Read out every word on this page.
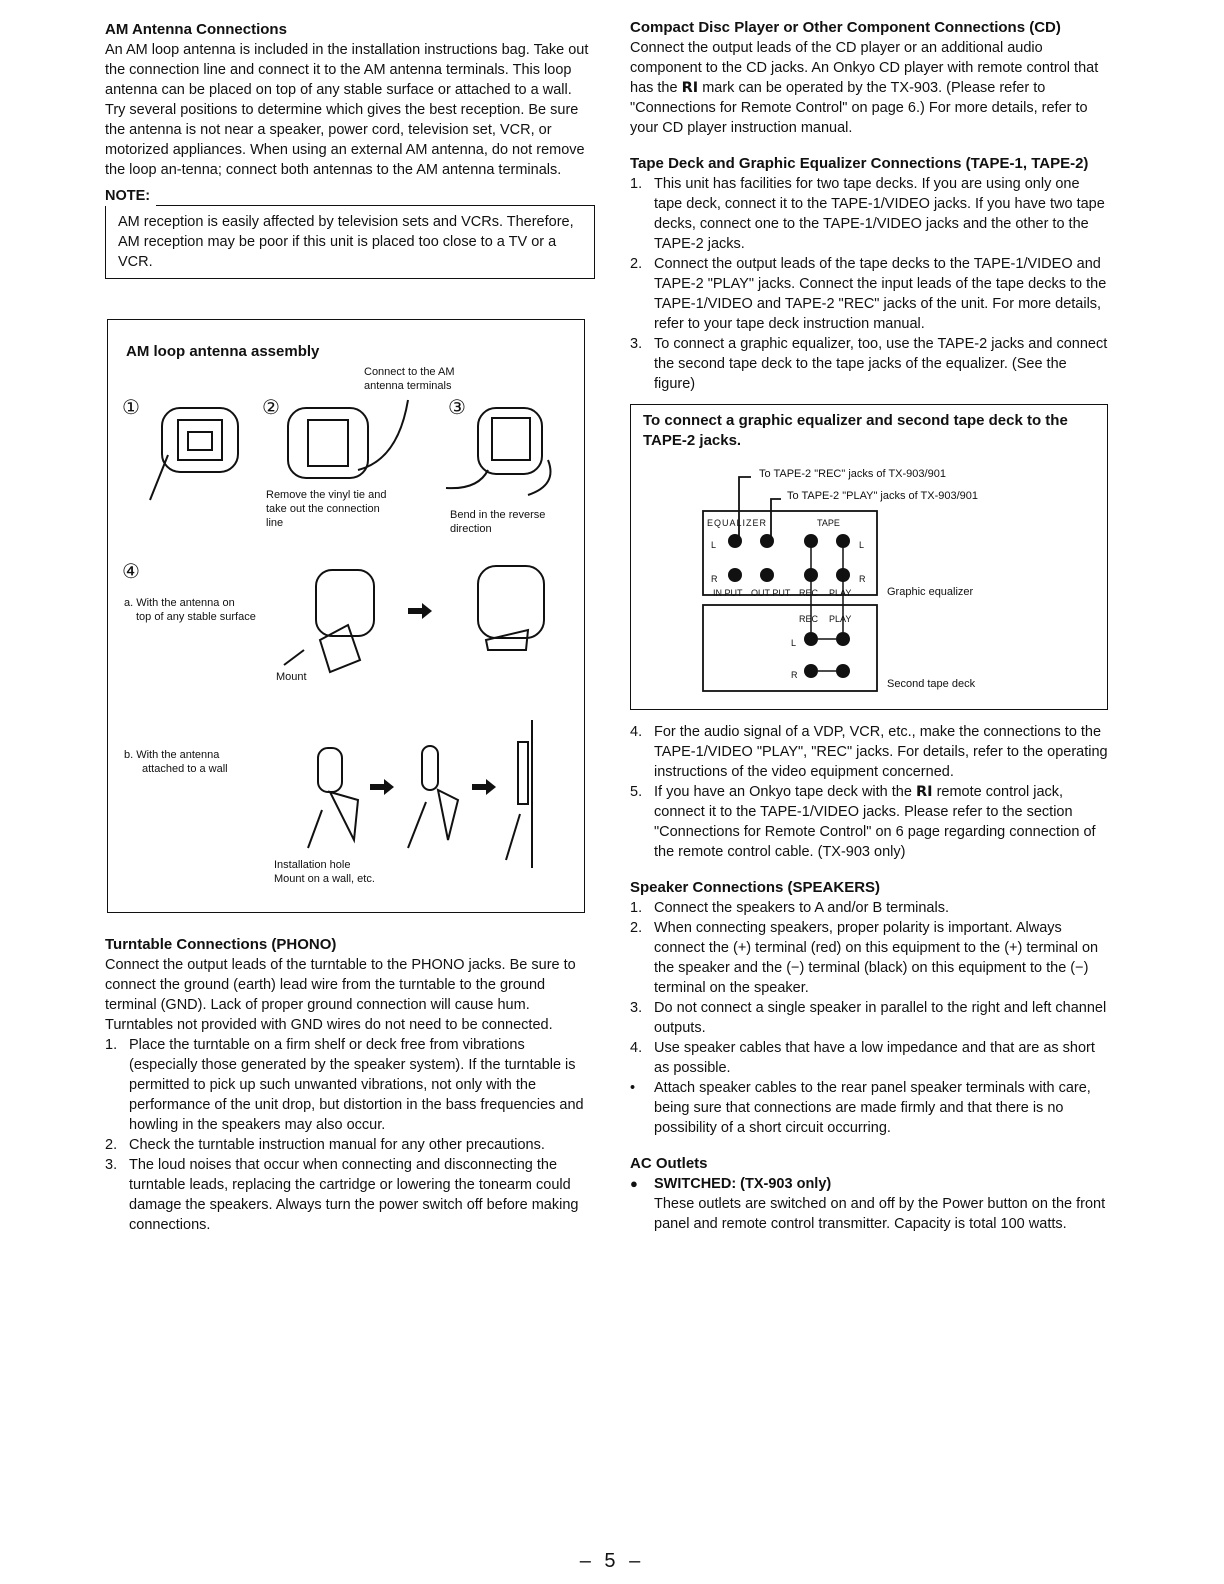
AM Antenna Connections

An AM loop antenna is included in the installation instructions bag. Take out the connection line and connect it to the AM antenna terminals. This loop antenna can be placed on top of any stable surface or attached to a wall. Try several positions to determine which gives the best reception. Be sure the antenna is not near a speaker, power cord, television set, VCR, or motorized appliances. When using an external AM antenna, do not remove the loop an-tenna; connect both antennas to the AM antenna terminals.

NOTE:

AM reception is easily affected by television sets and VCRs. Therefore, AM reception may be poor if this unit is placed too close to a TV or a VCR.

AM loop antenna assembly
Connect to the AM
antenna terminals
①	②	③
Remove the vinyl tie and
take out the connection
line
Bend in the reverse
direction
④
a. With the antenna on
top of any stable surface
Mount
b. With the antenna
attached to a wall
Installation hole
Mount on a wall, etc.
Turntable Connections (PHONO)

Connect the output leads of the turntable to the PHONO jacks. Be sure to connect the ground (earth) lead wire from the turntable to the ground terminal (GND). Lack of proper ground connection will cause hum. Turntables not provided with GND wires do not need to be connected.

1. Place the turntable on a firm shelf or deck free from vibrations (especially those generated by the speaker system). If the turntable is permitted to pick up such unwanted vibrations, not only with the performance of the unit drop, but distortion in the bass frequencies and howling in the speakers may also occur.
2. Check the turntable instruction manual for any other precautions.
3. The loud noises that occur when connecting and disconnecting the turntable leads, replacing the cartridge or lowering the tonearm could damage the speakers. Always turn the power switch off before making connections.
Compact Disc Player or Other Component Connections (CD)

Connect the output leads of the CD player or an additional audio component to the CD jacks. An Onkyo CD player with remote control that has the RI mark can be operated by the TX-903. (Please refer to "Connections for Remote Control" on page 6.) For more details, refer to your CD player instruction manual.

Tape Deck and Graphic Equalizer Connections (TAPE-1, TAPE-2)
1. This unit has facilities for two tape decks. If you are using only one tape deck, connect it to the TAPE-1/VIDEO jacks. If you have two tape decks, connect one to the TAPE-1/VIDEO jacks and the other to the TAPE-2 jacks.
2. Connect the output leads of the tape decks to the TAPE-1/VIDEO and TAPE-2 "PLAY" jacks. Connect the input leads of the tape decks to the TAPE-1/VIDEO and TAPE-2 "REC" jacks of the unit. For more details, refer to your tape deck instruction manual.
3. To connect a graphic equalizer, too, use the TAPE-2 jacks and connect the second tape deck to the tape jacks of the equalizer. (See the figure)
To connect a graphic equalizer and second tape deck to the TAPE-2 jacks.
To TAPE-2 "REC" jacks of TX-903/901
To TAPE-2 "PLAY" jacks of TX-903/901
EQUALIZER	TAPE
L
R
L
R
IN PUT OUT PUT REC PLAY	Graphic equalizer
REC PLAY
L
R
Second tape deck
4. For the audio signal of a VDP, VCR, etc., make the connections to the TAPE-1/VIDEO "PLAY", "REC" jacks. For details, refer to the operating instructions of the video equipment concerned.
5. If you have an Onkyo tape deck with the RI remote control jack, connect it to the TAPE-1/VIDEO jacks. Please refer to the section "Connections for Remote Control" on 6 page regarding connection of the remote control cable. (TX-903 only)
Speaker Connections (SPEAKERS)
1. Connect the speakers to A and/or B terminals.
2. When connecting speakers, proper polarity is important. Always connect the (+) terminal (red) on this equipment to the (+) terminal on the speaker and the (−) terminal (black) on this equipment to the (−) terminal on the speaker.
3. Do not connect a single speaker in parallel to the right and left channel outputs.
4. Use speaker cables that have a low impedance and that are as short as possible.
•	Attach speaker cables to the rear panel speaker terminals with care, being sure that connections are made firmly and that there is no possibility of a short circuit occurring.
AC Outlets
●	SWITCHED: (TX-903 only)

These outlets are switched on and off by the Power button on the front panel and remote control transmitter. Capacity is total 100 watts.

– 5 –
